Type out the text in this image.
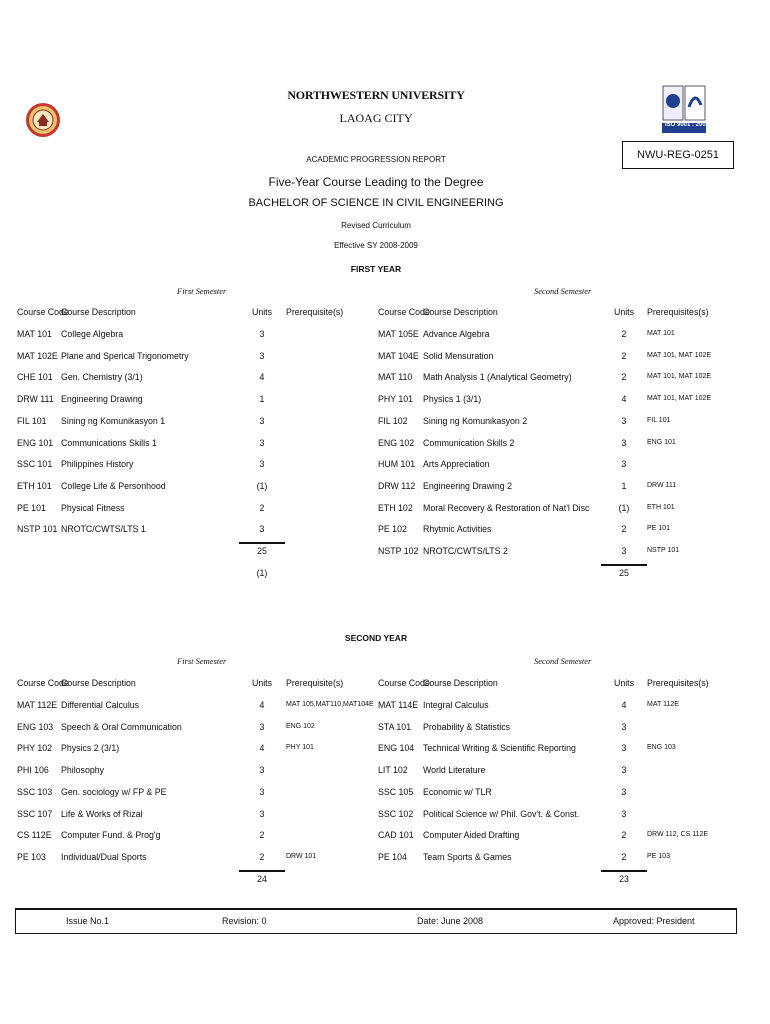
ISO 9001 : 2000
NORTHWESTERN UNIVERSITY
LAOAG CITY
ACADEMIC PROGRESSION REPORT	NWU-REG-0251
Five-Year Course Leading to the Degree
BACHELOR OF SCIENCE IN CIVIL ENGINEERING
Revised Curriculum
Effective SY 2008-2009
FIRST YEAR
First Semester	Second Semester
Course Code
Course Description	Units	Prerequisite(s)	Course Code
Course Description	Units	Prerequisites(s)
MAT 101 College Algebra	3
MAT 102E Plane and Sperical Trigonometry	3
CHE 101 Gen. Chemistry (3/1)	4
DRW 111 Engineering Drawing	1
FIL 101 Sining ng Komunikasyon 1	3
ENG 101 Communications Skills 1	3
SSC 101 Philippines History	3
ETH 101 College Life & Personhood	(1)
PE 101 Physical Fitness	2
NSTP 101 NROTC/CWTS/LTS 1	3
25
(1)
MAT 105E Advance Algebra	2	MAT 101
MAT 104E Solid Mensuration	2	MAT 101, MAT 102E
MAT 110 Math Analysis 1 (Analytical Geometry)	2	MAT 101, MAT 102E
PHY 101 Physics 1 (3/1)	4	MAT 101, MAT 102E
FIL 102 Sining ng Komunikasyon 2	3	FIL 101
ENG 102 Communication Skills 2	3	ENG 101
HUM 101 Arts Appreciation	3
DRW 112 Engineering Drawing 2	1	DRW 111
ETH 102 Moral Recovery & Restoration of Nat'l Disc	(1)	ETH 101
PE 102 Rhytmic Activities	2	PE 101
NSTP 102 NROTC/CWTS/LTS 2	3	NSTP 101
25
SECOND YEAR
First Semester	Second Semester
Course Code
Course Description	Units	Prerequisite(s)	Course Code
Course Description	Units	Prerequisites(s)
MAT 112E Differential Calculus	4	MAT 105,MAT110,MAT104E
ENG 103 Speech & Oral Communication	3	ENG 102
PHY 102 Physics 2 (3/1)	4	PHY 101
PHI 106 Philosophy	3
SSC 103 Gen. sociology w/ FP & PE	3
SSC 107 Life & Works of Rizal	3
CS 112E Computer Fund. & Prog'g	2
PE 103 Individual/Dual Sports	2	DRW 101
24
MAT 114E Integral Calculus	4	MAT 112E
STA 101 Probability & Statistics	3
ENG 104 Technical Writing & Scientific Reporting	3	ENG 103
LIT 102 World Literature	3
SSC 105 Economic w/ TLR	3
SSC 102 Political Science w/ Phil. Gov't. & Const.	3
CAD 101 Computer Aided Drafting	2	DRW 112, CS 112E
PE 104 Team Sports & Games	2	PE 103
23
Issue No.1	Revision: 0	Date: June 2008	Approved: President
